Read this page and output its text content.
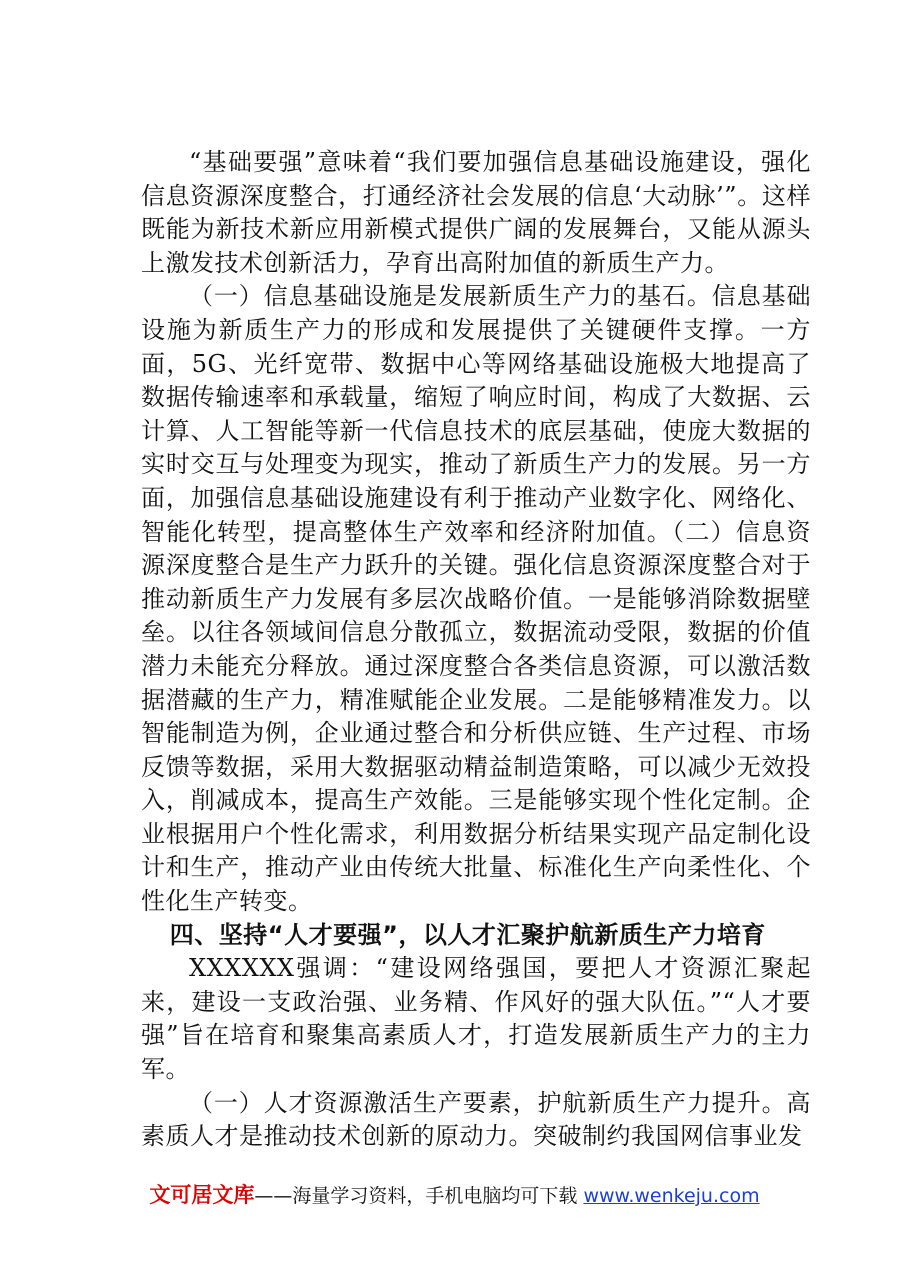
“基础要强”意味着“我们要加强信息基础设施建设，强化信息资源深度整合，打通经济社会发展的信息‘大动脉’”。这样既能为新技术新应用新模式提供广阔的发展舞台，又能从源头上激发技术创新活力，孕育出高附加值的新质生产力。

（一）信息基础设施是发展新质生产力的基石。信息基础设施为新质生产力的形成和发展提供了关键硬件支撑。一方面，5G、光纤宽带、数据中心等网络基础设施极大地提高了数据传输速率和承载量，缩短了响应时间，构成了大数据、云计算、人工智能等新一代信息技术的底层基础，使庞大数据的实时交互与处理变为现实，推动了新质生产力的发展。另一方面，加强信息基础设施建设有利于推动产业数字化、网络化、智能化转型，提高整体生产效率和经济附加值。（二）信息资源深度整合是生产力跃升的关键。强化信息资源深度整合对于推动新质生产力发展有多层次战略价值。一是能够消除数据壁垒。以往各领域间信息分散孤立，数据流动受限，数据的价值潜力未能充分释放。通过深度整合各类信息资源，可以激活数据潜藏的生产力，精准赋能企业发展。二是能够精准发力。以智能制造为例，企业通过整合和分析供应链、生产过程、市场反馈等数据，采用大数据驱动精益制造策略，可以减少无效投入，削减成本，提高生产效能。三是能够实现个性化定制。企业根据用户个性化需求，利用数据分析结果实现产品定制化设计和生产，推动产业由传统大批量、标准化生产向柔性化、个性化生产转变。

四、坚持“人才要强”，以人才汇聚护航新质生产力培育

XXXXXX强调：“建设网络强国，要把人才资源汇聚起来，建设一支政治强、业务精、作风好的强大队伍。”“人才要强”旨在培育和聚集高素质人才，打造发展新质生产力的主力军。

（一）人才资源激活生产要素，护航新质生产力提升。高素质人才是推动技术创新的原动力。突破制约我国网信事业发

文可居文库——海量学习资料，手机电脑均可下载 www.wenkeju.com
